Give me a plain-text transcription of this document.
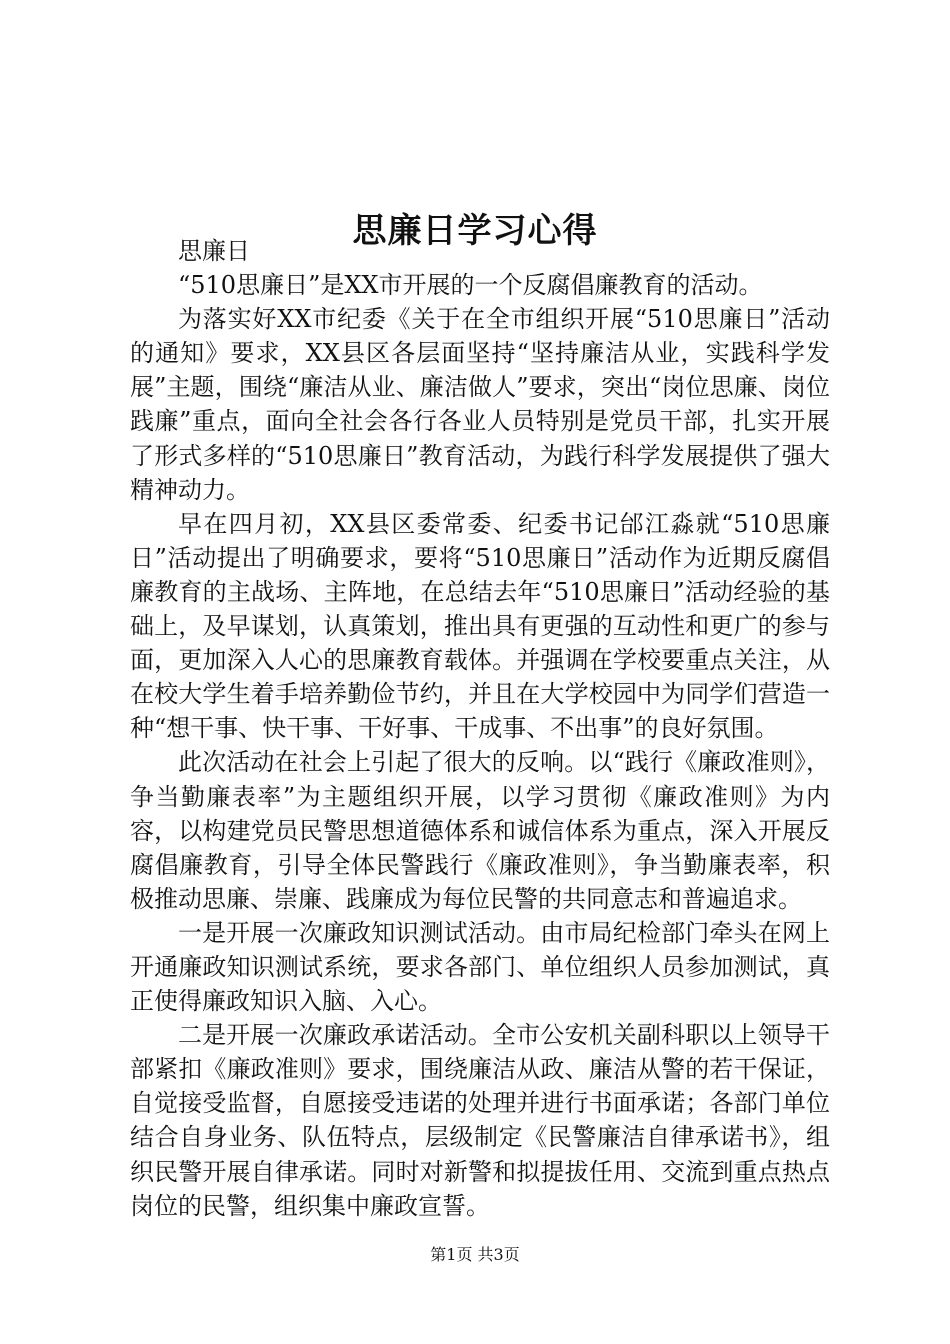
思廉日学习心得

思廉日

“510思廉日”是XX市开展的一个反腐倡廉教育的活动。

为落实好XX市纪委《关于在全市组织开展“510思廉日”活动的通知》要求，XX县区各层面坚持“坚持廉洁从业，实践科学发展”主题，围绕“廉洁从业、廉洁做人”要求，突出“岗位思廉、岗位践廉”重点，面向全社会各行各业人员特别是党员干部，扎实开展了形式多样的“510思廉日”教育活动，为践行科学发展提供了强大精神动力。

早在四月初，XX县区委常委、纪委书记邰江淼就“510思廉日”活动提出了明确要求，要将“510思廉日”活动作为近期反腐倡廉教育的主战场、主阵地，在总结去年“510思廉日”活动经验的基础上，及早谋划，认真策划，推出具有更强的互动性和更广的参与面，更加深入人心的思廉教育载体。并强调在学校要重点关注，从在校大学生着手培养勤俭节约，并且在大学校园中为同学们营造一种“想干事、快干事、干好事、干成事、不出事”的良好氛围。

此次活动在社会上引起了很大的反响。以“践行《廉政准则》，争当勤廉表率”为主题组织开展，以学习贯彻《廉政准则》为内容，以构建党员民警思想道德体系和诚信体系为重点，深入开展反腐倡廉教育，引导全体民警践行《廉政准则》，争当勤廉表率，积极推动思廉、崇廉、践廉成为每位民警的共同意志和普遍追求。

一是开展一次廉政知识测试活动。由市局纪检部门牵头在网上开通廉政知识测试系统，要求各部门、单位组织人员参加测试，真正使得廉政知识入脑、入心。

二是开展一次廉政承诺活动。全市公安机关副科职以上领导干部紧扣《廉政准则》要求，围绕廉洁从政、廉洁从警的若干保证，自觉接受监督，自愿接受违诺的处理并进行书面承诺；各部门单位结合自身业务、队伍特点，层级制定《民警廉洁自律承诺书》，组织民警开展自律承诺。同时对新警和拟提拔任用、交流到重点热点岗位的民警，组织集中廉政宣誓。

第1页 共3页
